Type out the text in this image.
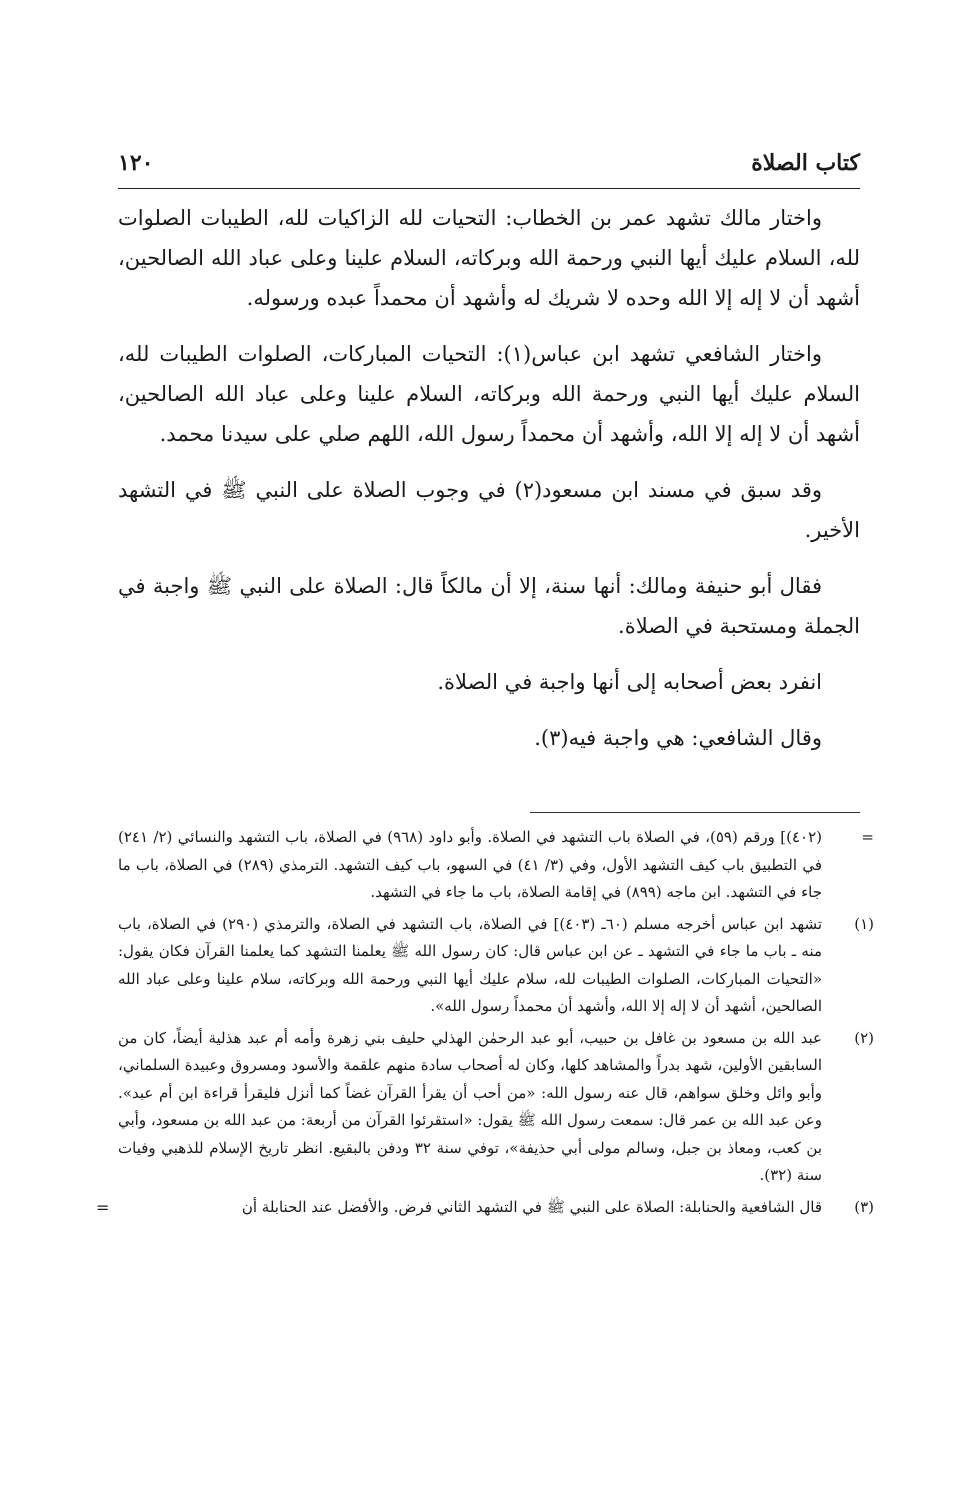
كتاب الصلاة
١٢٠

واختار مالك تشهد عمر بن الخطاب: التحيات لله الزاكيات لله، الطيبات الصلوات لله، السلام عليك أيها النبي ورحمة الله وبركاته، السلام علينا وعلى عباد الله الصالحين، أشهد أن لا إله إلا الله وحده لا شريك له وأشهد أن محمداً عبده ورسوله.

واختار الشافعي تشهد ابن عباس(١): التحيات المباركات، الصلوات الطيبات لله، السلام عليك أيها النبي ورحمة الله وبركاته، السلام علينا وعلى عباد الله الصالحين، أشهد أن لا إله إلا الله، وأشهد أن محمداً رسول الله، اللهم صلي على سيدنا محمد.

وقد سبق في مسند ابن مسعود(٢) في وجوب الصلاة على النبي ﷺ في التشهد الأخير.

فقال أبو حنيفة ومالك: أنها سنة، إلا أن مالكاً قال: الصلاة على النبي ﷺ واجبة في الجملة ومستحبة في الصلاة.

انفرد بعض أصحابه إلى أنها واجبة في الصلاة.

وقال الشافعي: هي واجبة فيه(٣).

=
(٤٠٢)] ورقم (٥٩)، في الصلاة باب التشهد في الصلاة. وأبو داود (٩٦٨) في الصلاة، باب التشهد والنسائي (٢/ ٢٤١) في التطبيق باب كيف التشهد الأول، وفي (٣/ ٤١) في السهو، باب كيف التشهد. الترمذي (٢٨٩) في الصلاة، باب ما جاء في التشهد. ابن ماجه (٨٩٩) في إقامة الصلاة، باب ما جاء في التشهد.
(١)
تشهد ابن عباس أخرجه مسلم (٦٠ـ (٤٠٣)] في الصلاة، باب التشهد في الصلاة، والترمذي (٢٩٠) في الصلاة، باب منه ـ باب ما جاء في التشهد ـ عن ابن عباس قال: كان رسول الله ﷺ يعلمنا التشهد كما يعلمنا القرآن فكان يقول: «التحيات المباركات، الصلوات الطيبات لله، سلام عليك أيها النبي ورحمة الله وبركاته، سلام علينا وعلى عباد الله الصالحين، أشهد أن لا إله إلا الله، وأشهد أن محمداً رسول الله».
(٢)
عبد الله بن مسعود بن غافل بن حبيب، أبو عبد الرحمٰن الهذلي حليف بني زهرة وأمه أم عبد هذلية أيضاً، كان من السابقين الأولين، شهد بدراً والمشاهد كلها، وكان له أصحاب سادة منهم علقمة والأسود ومسروق وعبيدة السلماني، وأبو وائل وخلق سواهم، قال عنه رسول الله: «من أحب أن يقرأ القرآن غضاً كما أنزل فليقرأ قراءة ابن أم عبد». وعن عبد الله بن عمر قال: سمعت رسول الله ﷺ يقول: «استقرئوا القرآن من أربعة: من عبد الله بن مسعود، وأبي بن كعب، ومعاذ بن جبل، وسالم مولى أبي حذيفة»، توفي سنة ٣٢ ودفن بالبقيع. انظر تاريخ الإسلام للذهبي وفيات سنة (٣٢).
(٣)
قال الشافعية والحنابلة: الصلاة على النبي ﷺ في التشهد الثاني فرض. والأفضل عند الحنابلة أن
=
